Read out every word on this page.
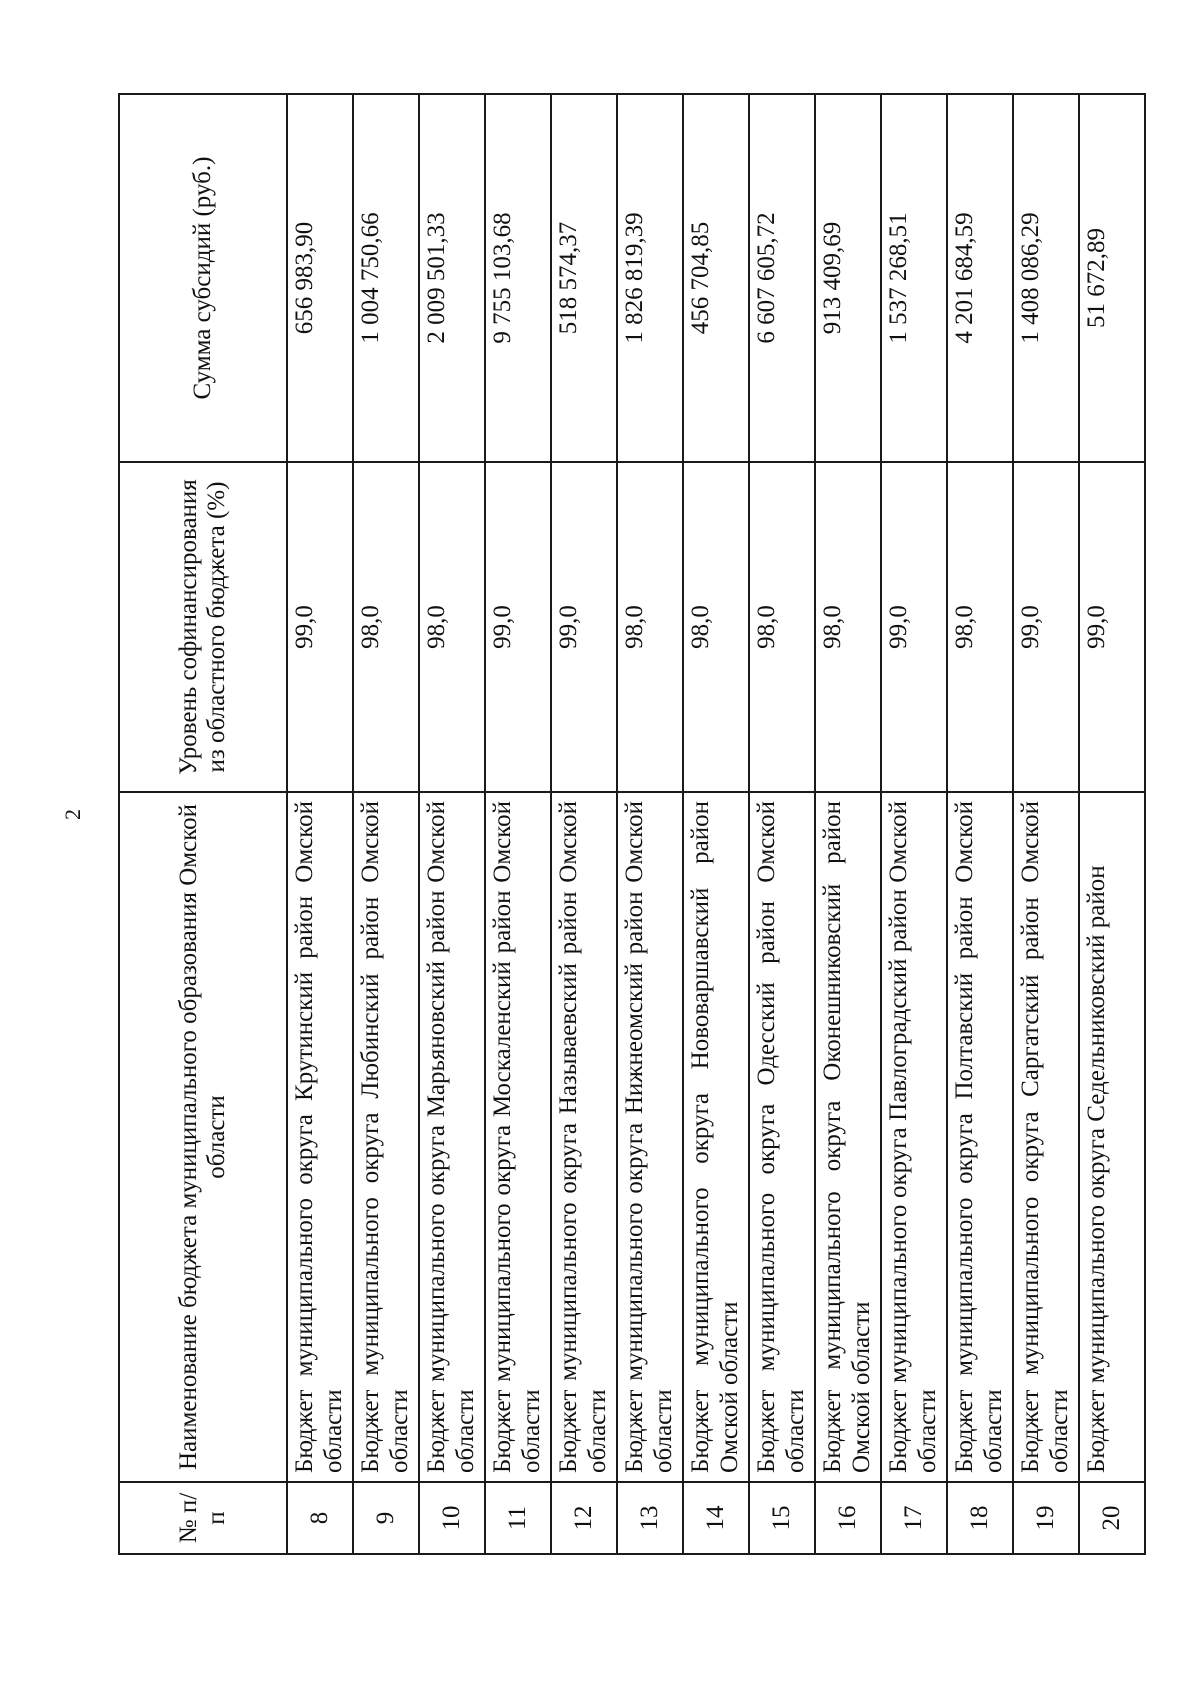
2
№ п/п	Наименование бюджета муниципального образования Омской области	Уровень софинансирования из областного бюджета (%)	Сумма субсидий (руб.)
8	Бюджет муниципального округа Крутинский район Омской области	99,0	656 983,90
9	Бюджет муниципального округа Любинский район Омской области	98,0	1 004 750,66
10	Бюджет муниципального округа Марьяновский район Омской области	98,0	2 009 501,33
11	Бюджет муниципального округа Москаленский район Омской области	99,0	9 755 103,68
12	Бюджет муниципального округа Называевский район Омской области	99,0	518 574,37
13	Бюджет муниципального округа Нижнеомский район Омской области	98,0	1 826 819,39
14	Бюджет муниципального округа Нововаршавский район Омской области	98,0	456 704,85
15	Бюджет муниципального округа Одесский район Омской области	98,0	6 607 605,72
16	Бюджет муниципального округа Оконешниковский район Омской области	98,0	913 409,69
17	Бюджет муниципального округа Павлоградский район Омской области	99,0	1 537 268,51
18	Бюджет муниципального округа Полтавский район Омской области	98,0	4 201 684,59
19	Бюджет муниципального округа Саргатский район Омской области	99,0	1 408 086,29
20	Бюджет муниципального округа Седельниковский район	99,0	51 672,89
